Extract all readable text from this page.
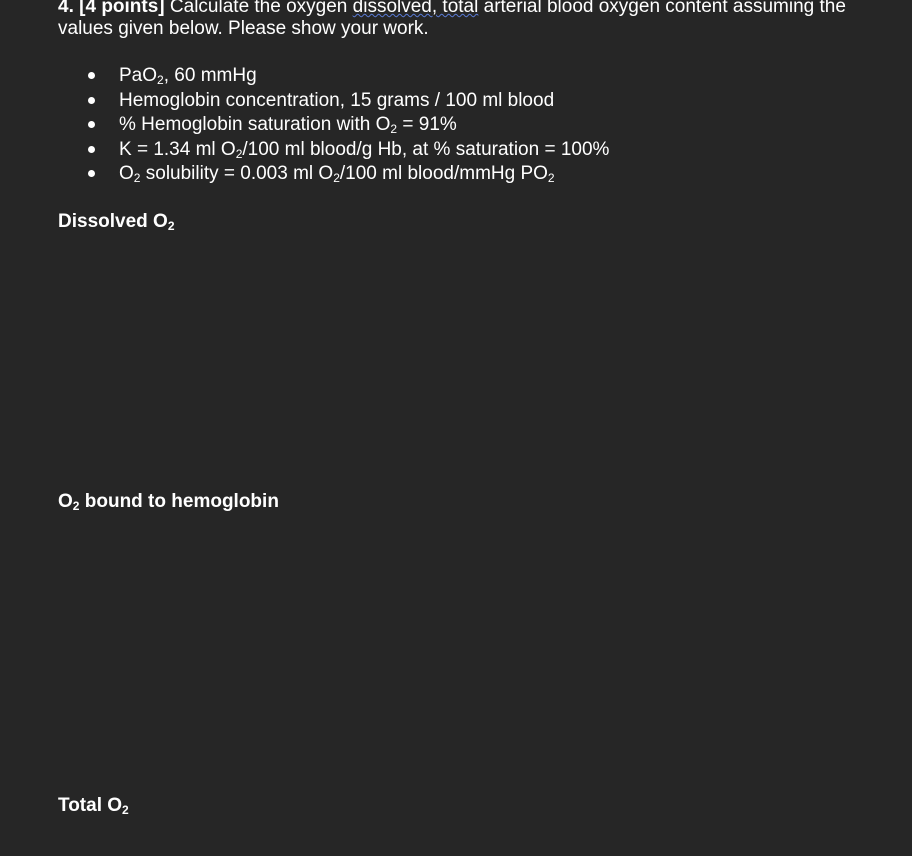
4. [4 points] Calculate the oxygen dissolved, total arterial blood oxygen content assuming the values given below. Please show your work.

PaO$_2$, 60 mmHg
Hemoglobin concentration, 15 grams / 100 ml blood
% Hemoglobin saturation with $O_2 = 91\%$
K = 1.34 ml $O_2/100$ ml blood/g Hb, at % saturation = 100%
$O_2$ solubility = 0.003 ml $O_2/100$ ml blood/mmHg $PO_2$

Dissolved $O_2$

$O_2$ bound to hemoglobin

Total $O_2$
